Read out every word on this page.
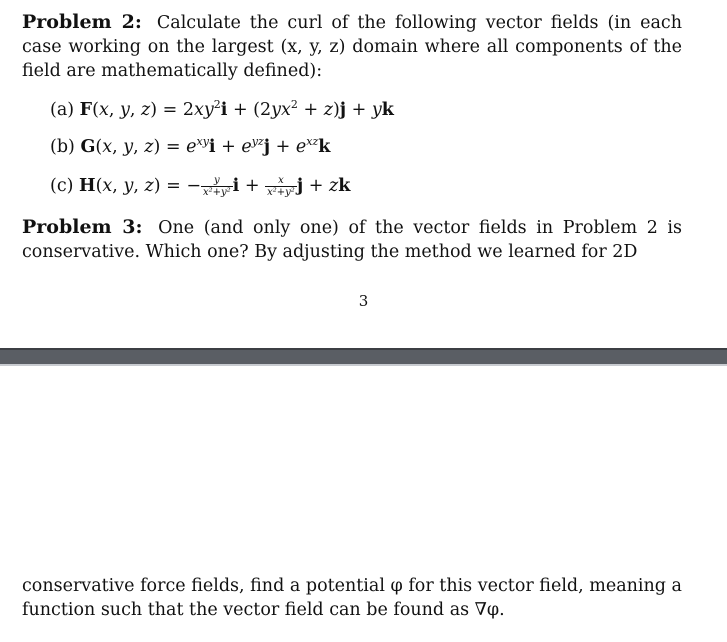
Problem 2: Calculate the curl of the following vector fields (in each case working on the largest (x, y, z) domain where all components of the field are mathematically defined):
(a) F(x, y, $z) = 2xy^2i + (2yx^2 + z)j$ + yk
(b) G(x, y, $z) = e^{xy}i + e^{yz}j + e^{xz}k$
(c) H(x, y, z) = − $\frac{y}{\text{x²+y²}}$ $i + \frac{x}{\text{x²+y²}}$ j + zk
Problem 3: One (and only one) of the vector fields in Problem 2 is conservative. Which one? By adjusting the method we learned for 2D
3
conservative force fields, find a potential φ for this vector field, meaning a function such that the vector field can be found as ∇φ.
